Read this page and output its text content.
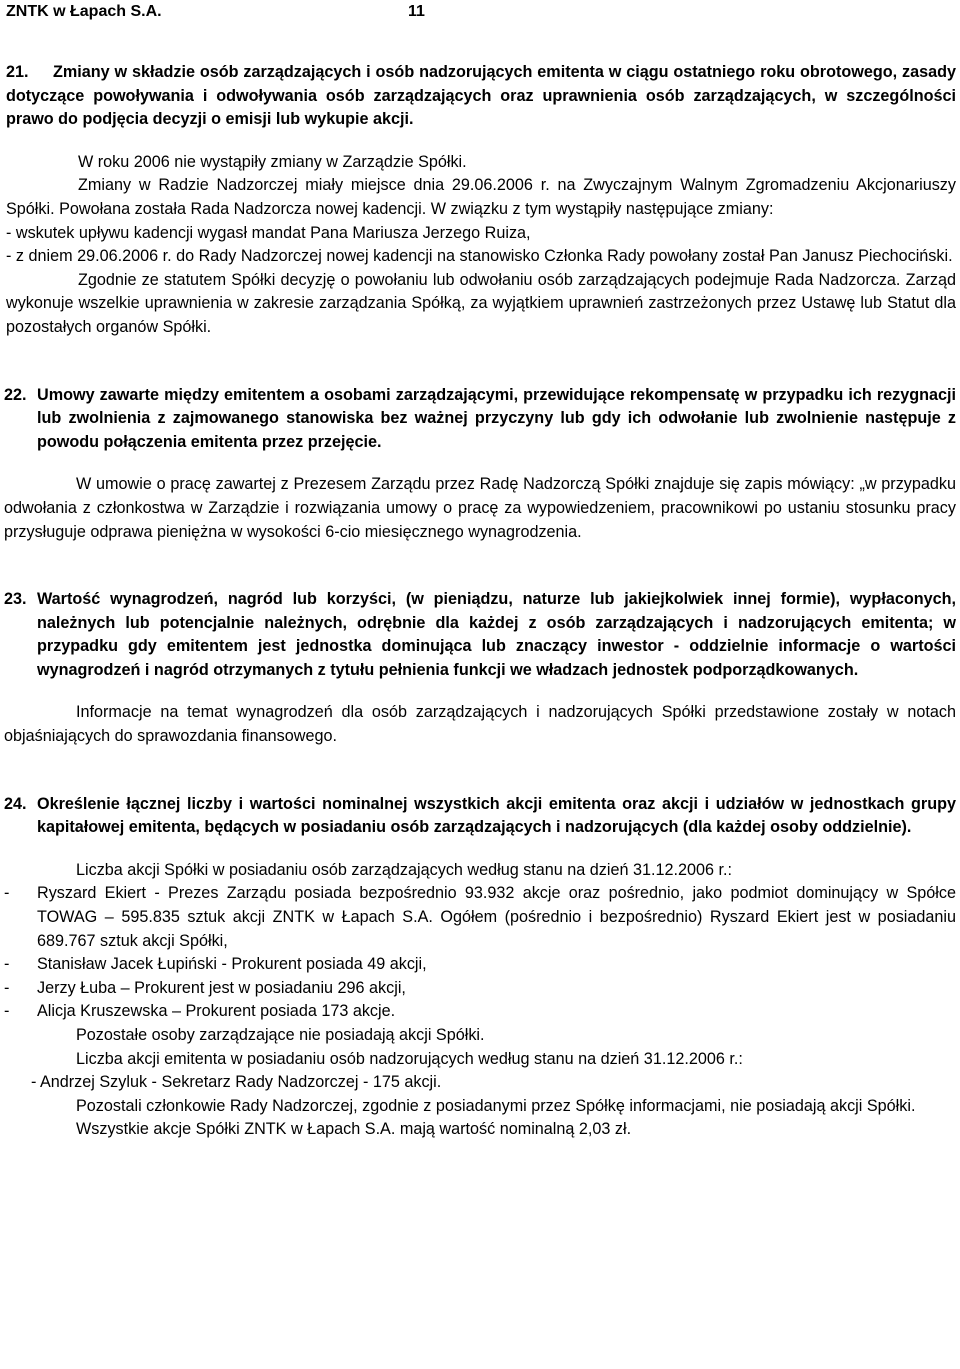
ZNTK w Łapach S.A.	11

21. Zmiany w składzie osób zarządzających i osób nadzorujących emitenta w ciągu ostatniego roku obrotowego, zasady dotyczące powoływania i odwoływania osób zarządzających oraz uprawnienia osób zarządzających, w szczególności prawo do podjęcia decyzji o emisji lub wykupie akcji.

W roku 2006 nie wystąpiły zmiany w Zarządzie Spółki.

Zmiany w Radzie Nadzorczej miały miejsce dnia 29.06.2006 r. na Zwyczajnym Walnym Zgromadzeniu Akcjonariuszy Spółki. Powołana została Rada Nadzorcza nowej kadencji. W związku z tym wystąpiły następujące zmiany:

- wskutek upływu kadencji wygasł mandat Pana Mariusza Jerzego Ruiza,

- z dniem 29.06.2006 r. do Rady Nadzorczej nowej kadencji na stanowisko Członka Rady powołany został Pan Janusz Piechociński.

Zgodnie ze statutem Spółki decyzję o powołaniu lub odwołaniu osób zarządzających podejmuje Rada Nadzorcza. Zarząd wykonuje wszelkie uprawnienia w zakresie zarządzania Spółką, za wyjątkiem uprawnień zastrzeżonych przez Ustawę lub Statut dla pozostałych organów Spółki.

22. Umowy zawarte między emitentem a osobami zarządzającymi, przewidujące rekompensatę w przypadku ich rezygnacji lub zwolnienia z zajmowanego stanowiska bez ważnej przyczyny lub gdy ich odwołanie lub zwolnienie następuje z powodu połączenia emitenta przez przejęcie.

W umowie o pracę zawartej z Prezesem Zarządu przez Radę Nadzorczą Spółki znajduje się zapis mówiący: „w przypadku odwołania z członkostwa w Zarządzie i rozwiązania umowy o pracę za wypowiedzeniem, pracownikowi po ustaniu stosunku pracy przysługuje odprawa pieniężna w wysokości 6-cio miesięcznego wynagrodzenia.

23. Wartość wynagrodzeń, nagród lub korzyści, (w pieniądzu, naturze lub jakiejkolwiek innej formie), wypłaconych, należnych lub potencjalnie należnych, odrębnie dla każdej z osób zarządzających i nadzorujących emitenta; w przypadku gdy emitentem jest jednostka dominująca lub znaczący inwestor - oddzielnie informacje o wartości wynagrodzeń i nagród otrzymanych z tytułu pełnienia funkcji we władzach jednostek podporządkowanych.

Informacje na temat wynagrodzeń dla osób zarządzających i nadzorujących Spółki przedstawione zostały w notach objaśniających do sprawozdania finansowego.

24. Określenie łącznej liczby i wartości nominalnej wszystkich akcji emitenta oraz akcji i udziałów w jednostkach grupy kapitałowej emitenta, będących w posiadaniu osób zarządzających i nadzorujących (dla każdej osoby oddzielnie).

Liczba akcji Spółki w posiadaniu osób zarządzających według stanu na dzień 31.12.2006 r.:

- Ryszard Ekiert - Prezes Zarządu posiada bezpośrednio 93.932 akcje oraz pośrednio, jako podmiot dominujący w Spółce TOWAG – 595.835 sztuk akcji ZNTK w Łapach S.A. Ogółem (pośrednio i bezpośrednio) Ryszard Ekiert jest w posiadaniu 689.767 sztuk akcji Spółki,

- Stanisław Jacek Łupiński - Prokurent posiada 49 akcji,

- Jerzy Łuba – Prokurent jest w posiadaniu 296 akcji,

- Alicja Kruszewska – Prokurent posiada 173 akcje.

Pozostałe osoby zarządzające nie posiadają akcji Spółki.

Liczba akcji emitenta w posiadaniu osób nadzorujących według stanu na dzień 31.12.2006 r.:

- Andrzej Szyluk - Sekretarz Rady Nadzorczej - 175 akcji.

Pozostali członkowie Rady Nadzorczej, zgodnie z posiadanymi przez Spółkę informacjami, nie posiadają akcji Spółki.

Wszystkie akcje Spółki ZNTK w Łapach S.A. mają wartość nominalną 2,03 zł.
